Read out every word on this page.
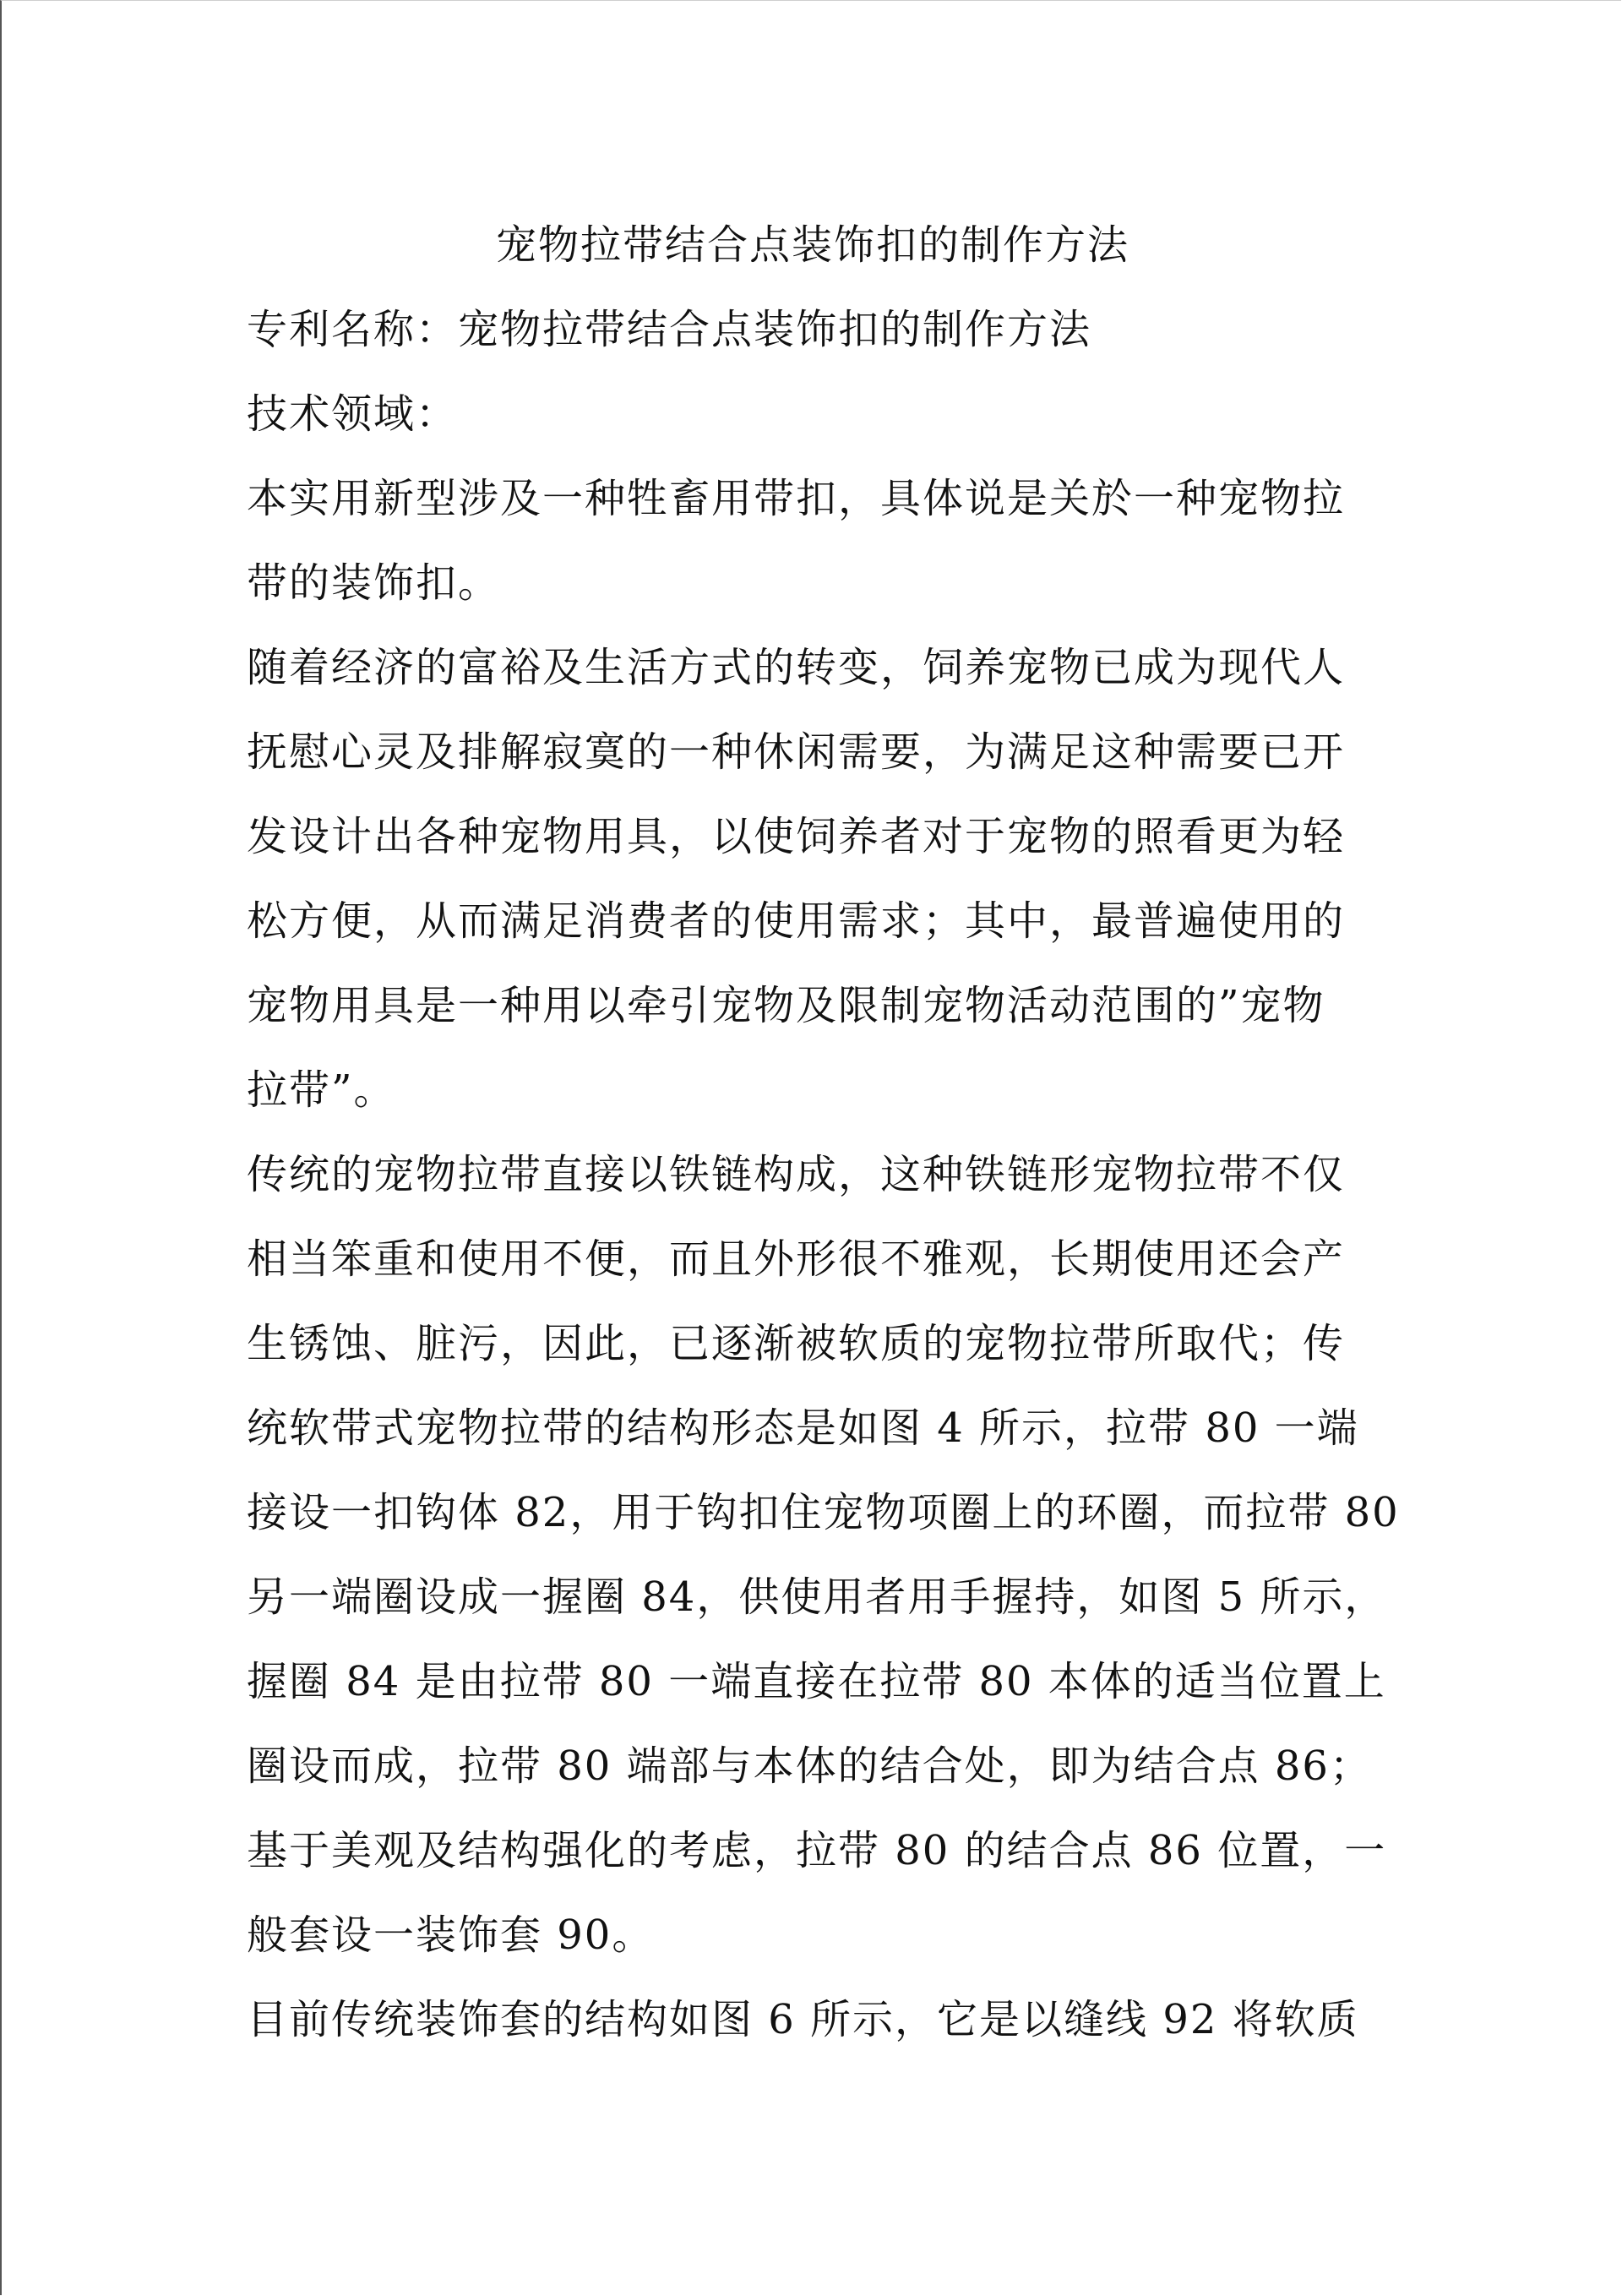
宠物拉带结合点装饰扣的制作方法

专利名称：宠物拉带结合点装饰扣的制作方法

技术领域：

本实用新型涉及一种牲畜用带扣，具体说是关於一种宠物拉

带的装饰扣。

随着经济的富裕及生活方式的转变，饲养宠物已成为现代人

抚慰心灵及排解寂寞的一种休闲需要，为满足这种需要已开

发设计出各种宠物用具，以使饲养者对于宠物的照看更为轻

松方便，从而满足消费者的使用需求；其中，最普遍使用的

宠物用具是一种用以牵引宠物及限制宠物活动范围的”宠物

拉带”。

传统的宠物拉带直接以铁链构成，这种铁链形宠物拉带不仅

相当笨重和使用不便，而且外形很不雅观，长期使用还会产

生锈蚀、脏污，因此，已逐渐被软质的宠物拉带所取代；传

统软带式宠物拉带的结构形态是如图 4 所示，拉带 80 一端

接设一扣钩体 82，用于钩扣住宠物项圈上的环圈，而拉带 80

另一端圈设成一握圈 84，供使用者用手握持，如图 5 所示，

握圈 84 是由拉带 80 一端直接在拉带 80 本体的适当位置上

圈设而成，拉带 80 端部与本体的结合处，即为结合点 86；

基于美观及结构强化的考虑，拉带 80 的结合点 86 位置，一

般套设一装饰套 90。

目前传统装饰套的结构如图 6 所示，它是以缝线 92 将软质
